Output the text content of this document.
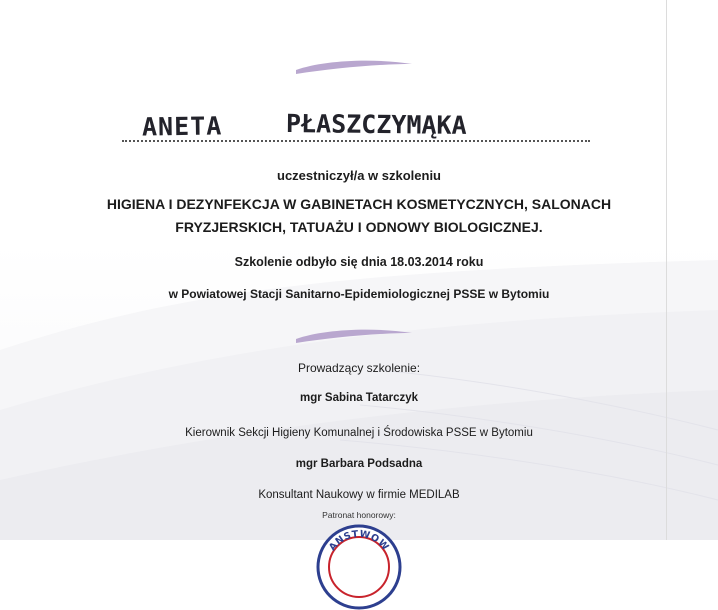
ANETA	PŁASZCZYMĄKA
uczestniczył/a w szkoleniu
HIGIENA I DEZYNFEKCJA W GABINETACH KOSMETYCZNYCH, SALONACH
FRYZJERSKICH, TATUAŻU I ODNOWY BIOLOGICZNEJ.
Szkolenie odbyło się dnia 18.03.2014 roku
w Powiatowej Stacji Sanitarno-Epidemiologicznej PSSE w Bytomiu
Prowadzący szkolenie:
mgr Sabina Tatarczyk
Kierownik Sekcji Higieny Komunalnej i Środowiska PSSE w Bytomiu
mgr Barbara Podsadna
Konsultant Naukowy w firmie MEDILAB
Patronat honorowy:
ANSTWOW
